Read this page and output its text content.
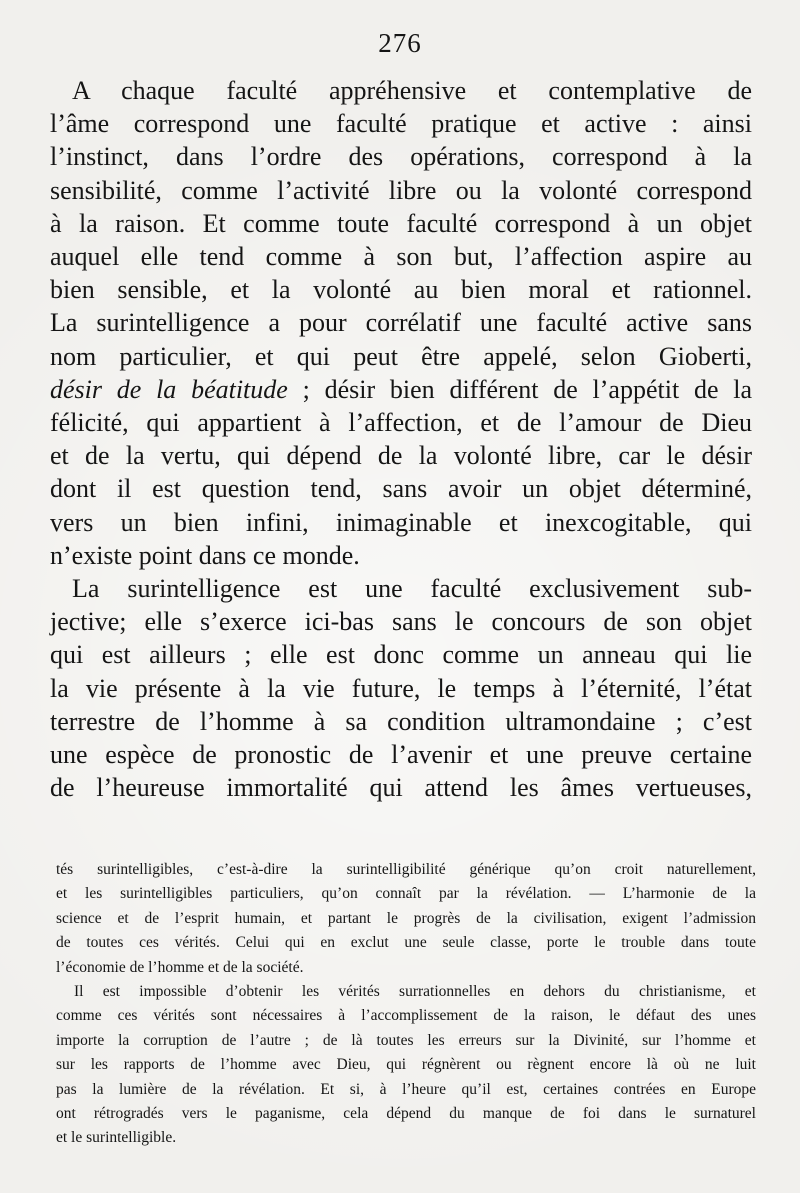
276

A chaque faculté appréhensive et contemplative de
l’âme correspond une faculté pratique et active : ainsi
l’instinct, dans l’ordre des opérations, correspond à la
sensibilité, comme l’activité libre ou la volonté correspond
à la raison. Et comme toute faculté correspond à un objet
auquel elle tend comme à son but, l’affection aspire au
bien sensible, et la volonté au bien moral et rationnel.
La surintelligence a pour corrélatif une faculté active sans
nom particulier, et qui peut être appelé, selon Gioberti,
désir de la béatitude ; désir bien différent de l’appétit de la
félicité, qui appartient à l’affection, et de l’amour de Dieu
et de la vertu, qui dépend de la volonté libre, car le désir
dont il est question tend, sans avoir un objet déterminé,
vers un bien infini, inimaginable et inexcogitable, qui
n’existe point dans ce monde.

La surintelligence est une faculté exclusivement sub-
jective; elle s’exerce ici-bas sans le concours de son objet
qui est ailleurs ; elle est donc comme un anneau qui lie
la vie présente à la vie future, le temps à l’éternité, l’état
terrestre de l’homme à sa condition ultramondaine ; c’est
une espèce de pronostic de l’avenir et une preuve certaine
de l’heureuse immortalité qui attend les âmes vertueuses,

tés surintelligibles, c’est-à-dire la surintelligibilité générique qu’on croit naturellement,
et les surintelligibles particuliers, qu’on connaît par la révélation. — L’harmonie de la
science et de l’esprit humain, et partant le progrès de la civilisation, exigent l’admission
de toutes ces vérités. Celui qui en exclut une seule classe, porte le trouble dans toute
l’économie de l’homme et de la société.

Il est impossible d’obtenir les vérités surrationnelles en dehors du christianisme, et
comme ces vérités sont nécessaires à l’accomplissement de la raison, le défaut des unes
importe la corruption de l’autre ; de là toutes les erreurs sur la Divinité, sur l’homme et
sur les rapports de l’homme avec Dieu, qui régnèrent ou règnent encore là où ne luit
pas la lumière de la révélation. Et si, à l’heure qu’il est, certaines contrées en Europe
ont rétrogradés vers le paganisme, cela dépend du manque de foi dans le surnaturel
et le surintelligible.
